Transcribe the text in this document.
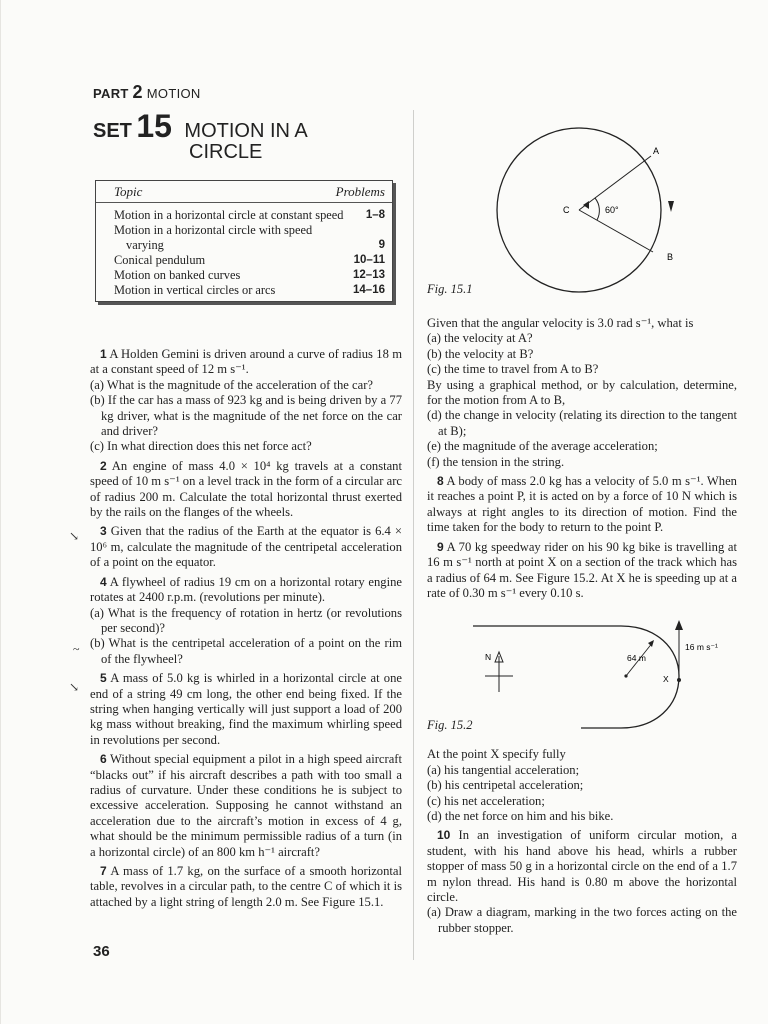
PART 2 MOTION
SET 15 MOTION IN A
CIRCLE
Topic	Problems
Motion in a horizontal circle at constant speed 1–8
Motion in a horizontal circle with speed
varying	9
Conical pendulum	10–11
Motion on banked curves	12–13
Motion in vertical circles or arcs	14–16

1 A Holden Gemini is driven around a curve of radius 18 m at a constant speed of 12 m s⁻¹.

(a) What is the magnitude of the acceleration of the car?

(b) If the car has a mass of 923 kg and is being driven by a 77 kg driver, what is the magnitude of the net force on the car and driver?

(c) In what direction does this net force act?

2 An engine of mass 4.0 × 10⁴ kg travels at a constant speed of 10 m s⁻¹ on a level track in the form of a circular arc of radius 200 m. Calculate the total horizontal thrust exerted by the rails on the flanges of the wheels.

3 Given that the radius of the Earth at the equator is 6.4 × 10⁶ m, calculate the magnitude of the centripetal acceleration of a point on the equator.

4 A flywheel of radius 19 cm on a horizontal rotary engine rotates at 2400 r.p.m. (revolutions per minute).

(a) What is the frequency of rotation in hertz (or revolutions per second)?

(b) What is the centripetal acceleration of a point on the rim of the flywheel?

5 A mass of 5.0 kg is whirled in a horizontal circle at one end of a string 49 cm long, the other end being fixed. If the string when hanging vertically will just support a load of 200 kg mass without breaking, find the maximum whirling speed in revolutions per second.

6 Without special equipment a pilot in a high speed aircraft “blacks out” if his aircraft describes a path with too small a radius of curvature. Under these conditions he is subject to excessive acceleration. Supposing he cannot withstand an acceleration due to the aircraft’s motion in excess of 4 g, what should be the minimum permissible radius of a turn (in a horizontal circle) of an 800 km h⁻¹ aircraft?

7 A mass of 1.7 kg, on the surface of a smooth horizontal table, revolves in a circular path, to the centre C of which it is attached by a light string of length 2.0 m. See Figure 15.1.

↘
~
↘
C	60°
A
B
Fig. 15.1

Given that the angular velocity is 3.0 rad s⁻¹, what is

(a) the velocity at A?

(b) the velocity at B?

(c) the time to travel from A to B?

By using a graphical method, or by calculation, determine, for the motion from A to B,

(d) the change in velocity (relating its direction to the tangent at B);

(e) the magnitude of the average acceleration;

(f) the tension in the string.

8 A body of mass 2.0 kg has a velocity of 5.0 m s⁻¹. When it reaches a point P, it is acted on by a force of 10 N which is always at right angles to its direction of motion. Find the time taken for the body to return to the point P.

9 A 70 kg speedway rider on his 90 kg bike is travelling at 16 m s⁻¹ north at point X on a section of the track which has a radius of 64 m. See Figure 15.2. At X he is speeding up at a rate of 0.30 m s⁻¹ every 0.10 s.

At the point X specify fully

(a) his tangential acceleration;

(b) his centripetal acceleration;

(c) his net acceleration;

(d) the net force on him and his bike.

10 In an investigation of uniform circular motion, a student, with his hand above his head, whirls a rubber stopper of mass 50 g in a horizontal circle on the end of a 1.7 m nylon thread. His hand is 0.80 m above the horizontal circle.

(a) Draw a diagram, marking in the two forces acting on the rubber stopper.

N	64 m
X
16 m s⁻¹
Fig. 15.2
36
